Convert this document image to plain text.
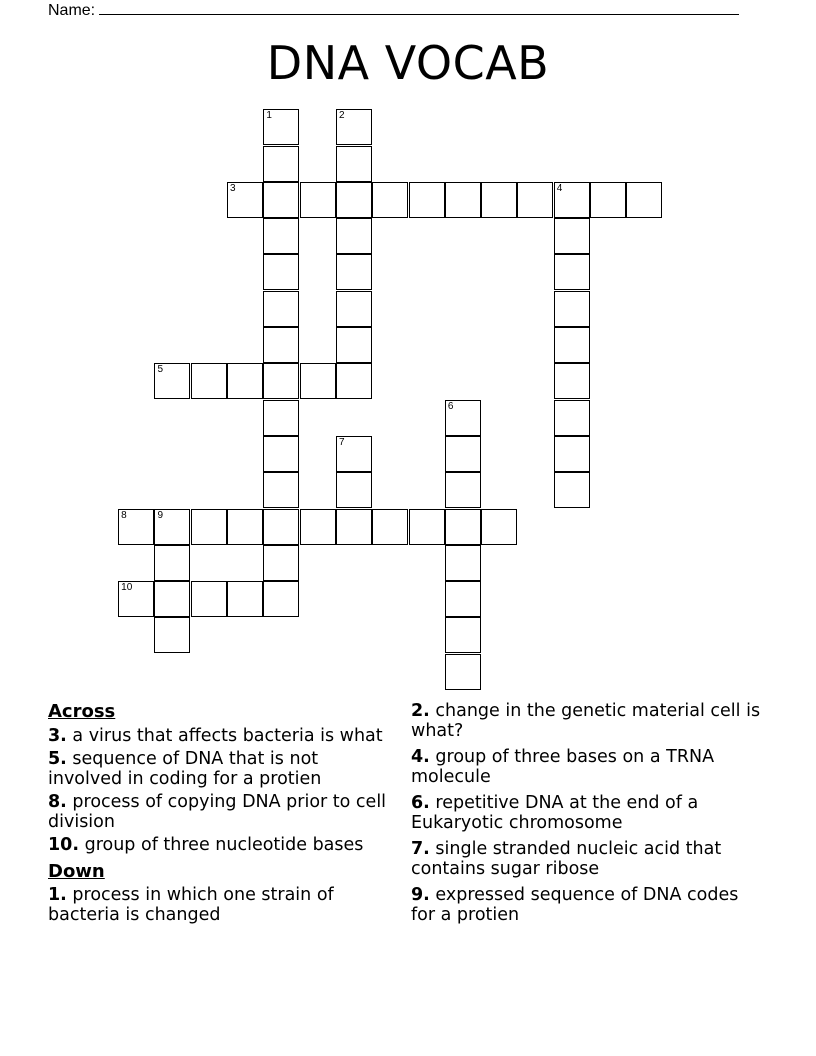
Name:
DNA VOCAB
1	2
3	4
5
6
7
8	9
10
Across
3. a virus that affects bacteria is what
5. sequence of DNA that is not involved in coding for a protien
8. process of copying DNA prior to cell division
10. group of three nucleotide bases
Down
1. process in which one strain of bacteria is changed
2. change in the genetic material cell is what?
4. group of three bases on a TRNA molecule
6. repetitive DNA at the end of a Eukaryotic chromosome
7. single stranded nucleic acid that contains sugar ribose
9. expressed sequence of DNA codes for a protien
